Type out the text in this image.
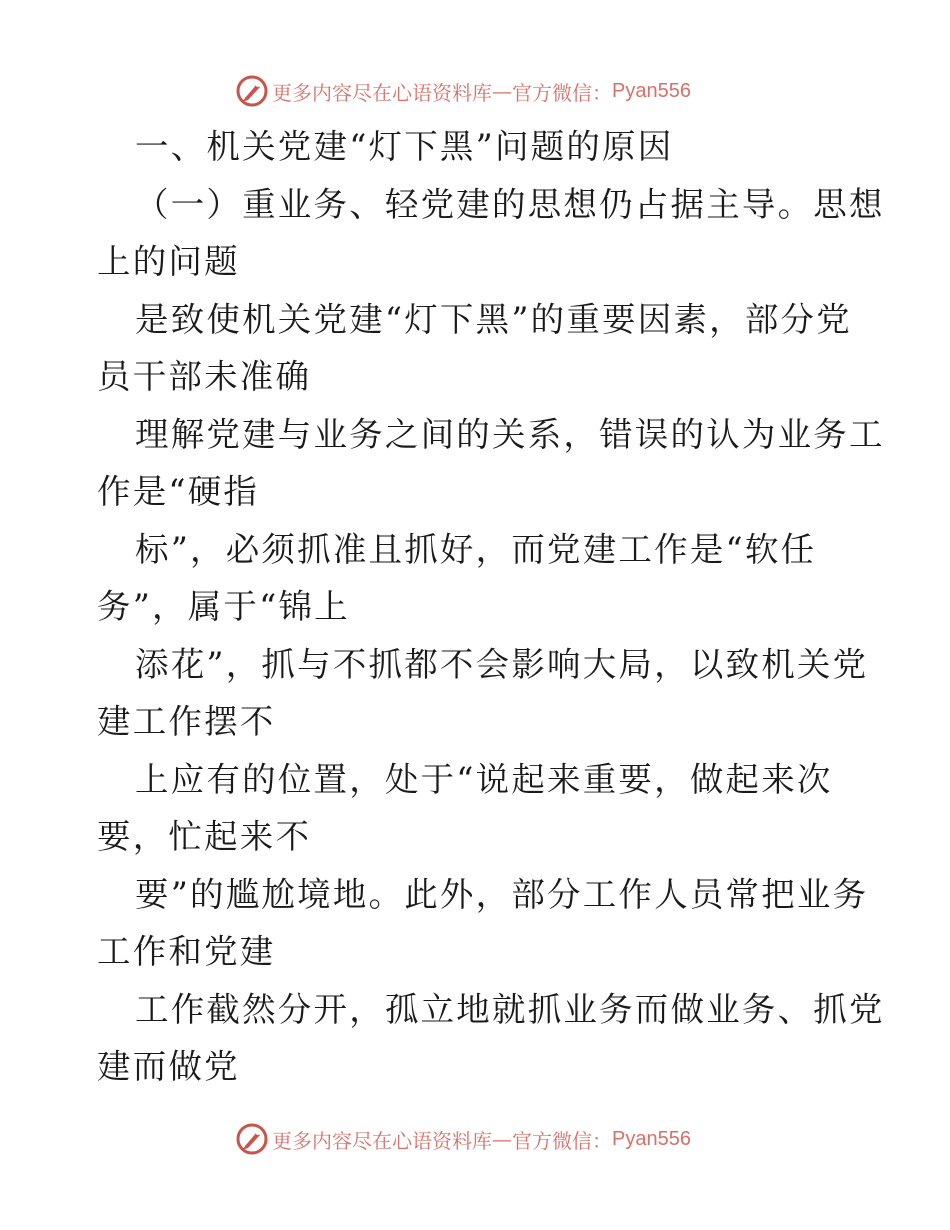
更多内容尽在心语资料库 — 官方微信： Pyan556
一、机关党建“灯下黑”问题的原因
（一）重业务、轻党建的思想仍占据主导。思想
上的问题
是致使机关党建“灯下黑”的重要因素，部分党
员干部未准确
理解党建与业务之间的关系，错误的认为业务工
作是“硬指
标”，必须抓准且抓好，而党建工作是“软任
务”，属于“锦上
添花”，抓与不抓都不会影响大局，以致机关党
建工作摆不
上应有的位置，处于“说起来重要，做起来次
要，忙起来不
要”的尴尬境地。此外，部分工作人员常把业务
工作和党建
工作截然分开，孤立地就抓业务而做业务、抓党
建而做党
更多内容尽在心语资料库 — 官方微信： Pyan556
